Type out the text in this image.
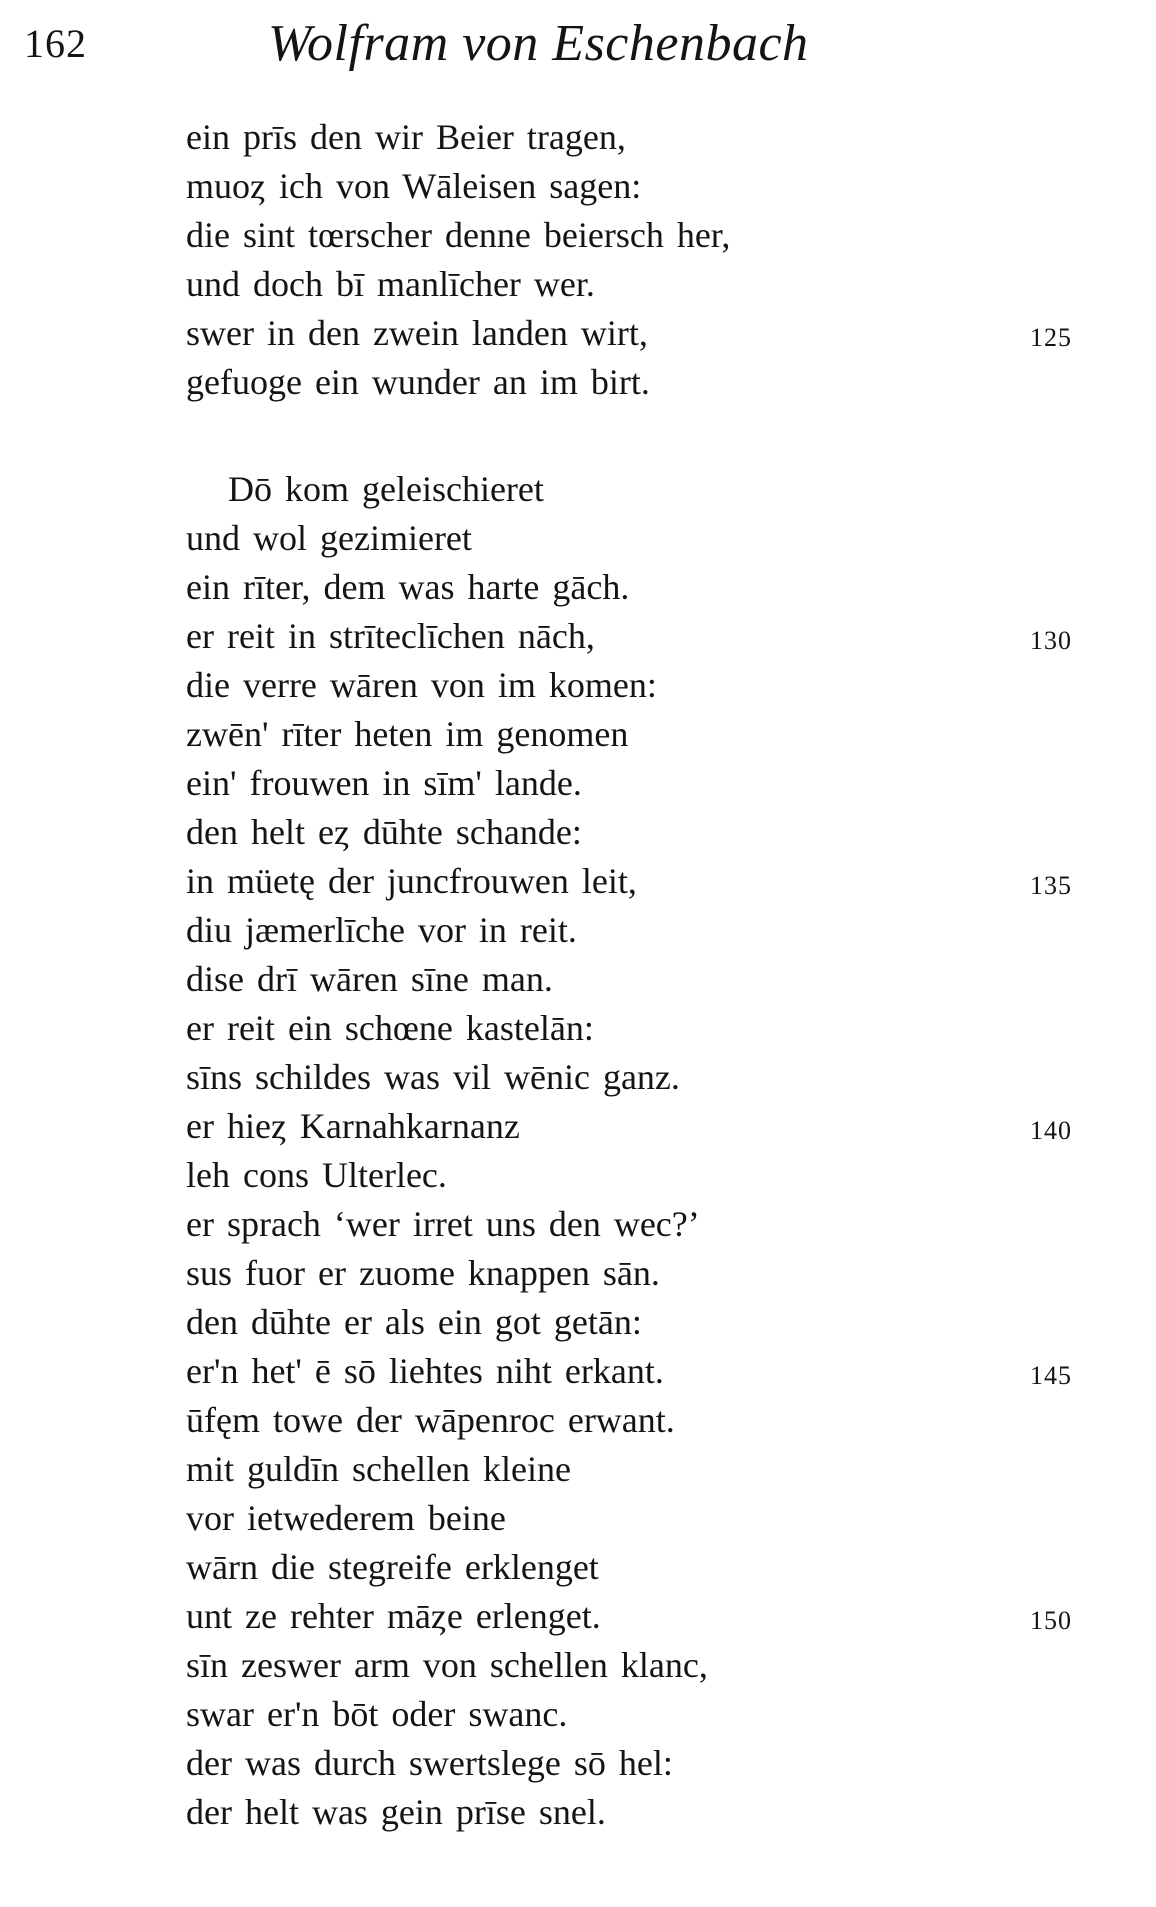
162	Wolfram von Eschenbach
ein prīs den wir Beier tragen,
muoȥ ich von Wāleisen sagen:
die sint tœrscher denne beiersch her,
und doch bī manlīcher wer.
swer in den zwein landen wirt,
gefuoge ein wunder an im birt.
Dō kom geleischieret
und wol gezimieret
ein rīter, dem was harte gāch.
er reit in strīteclīchen nāch,
die verre wāren von im komen:
zwēn' rīter heten im genomen
ein' frouwen in sīm' lande.
den helt eȥ dūhte schande:
in müetę der juncfrouwen leit,
diu jæmerlīche vor in reit.
dise drī wāren sīne man.
er reit ein schœne kastelān:
sīns schildes was vil wēnic ganz.
er hieȥ Karnahkarnanz
leh cons Ulterlec.
er sprach ‘wer irret uns den wec?’
sus fuor er zuome knappen sān.
den dūhte er als ein got getān:
er'n het' ē sō liehtes niht erkant.
ūfęm towe der wāpenroc erwant.
mit guldīn schellen kleine
vor ietwederem beine
wārn die stegreife erklenget
unt ze rehter māȥe erlenget.
sīn zeswer arm von schellen klanc,
swar er'n bōt oder swanc.
der was durch swertslege sō hel:
der helt was gein prīse snel.
125
130
135
140
145
150
